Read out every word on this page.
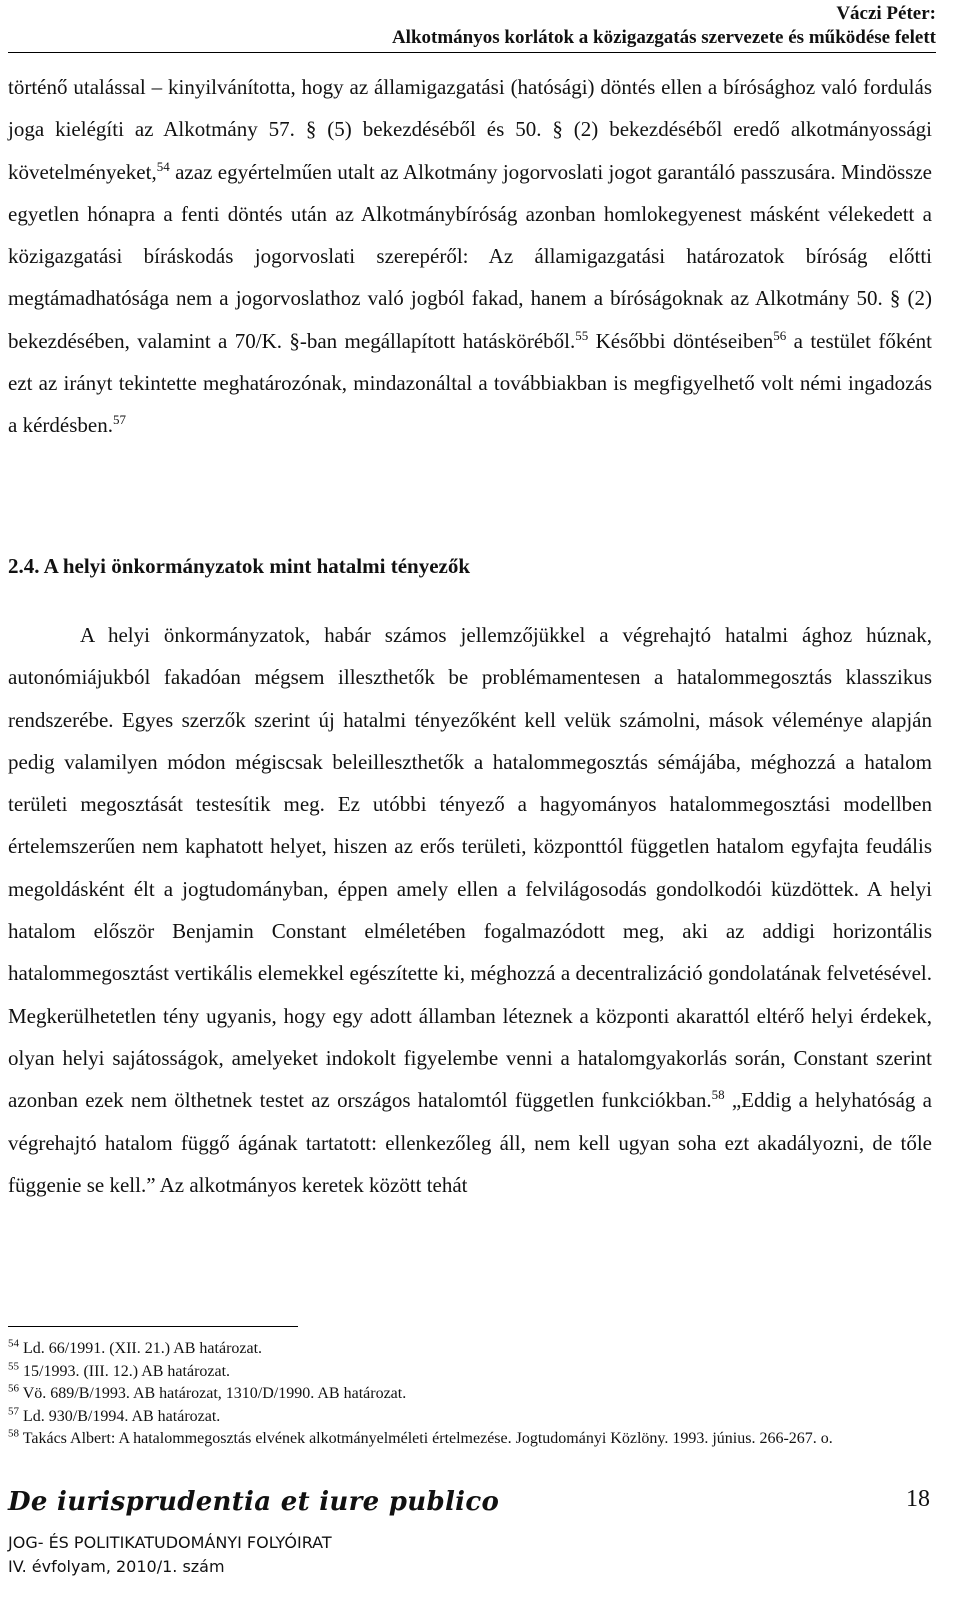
Váczi Péter:
Alkotmányos korlátok a közigazgatás szervezete és működése felett

történő utalással – kinyilvánította, hogy az államigazgatási (hatósági) döntés ellen a bírósághoz való fordulás joga kielégíti az Alkotmány 57. § (5) bekezdéséből és 50. § (2) bekezdéséből eredő alkotmányossági követelményeket,$^{54}$ azaz egyértelműen utalt az Alkotmány jogorvoslati jogot garantáló passzusára. Mindössze egyetlen hónapra a fenti döntés után az Alkotmánybíróság azonban homlokegyenest másként vélekedett a közigazgatási bíráskodás jogorvoslati szerepéről: Az államigazgatási határozatok bíróság előtti megtámadhatósága nem a jogorvoslathoz való jogból fakad, hanem a bíróságoknak az Alkotmány 50. § (2) bekezdésében, valamint a 70/K. §-ban megállapított hatásköréből.$^{55}$ Későbbi döntéseiben$^{56}$ a testület főként ezt az irányt tekintette meghatározónak, mindazonáltal a továbbiakban is megfigyelhető volt némi ingadozás a kérdésben.$^{57}$

2.4. A helyi önkormányzatok mint hatalmi tényezők

A helyi önkormányzatok, habár számos jellemzőjükkel a végrehajtó hatalmi ághoz húznak, autonómiájukból fakadóan mégsem illeszthetők be problémamentesen a hatalommegosztás klasszikus rendszerébe. Egyes szerzők szerint új hatalmi tényezőként kell velük számolni, mások véleménye alapján pedig valamilyen módon mégiscsak beleilleszthetők a hatalommegosztás sémájába, méghozzá a hatalom területi megosztását testesítik meg. Ez utóbbi tényező a hagyományos hatalommegosztási modellben értelemszerűen nem kaphatott helyet, hiszen az erős területi, központtól független hatalom egyfajta feudális megoldásként élt a jogtudományban, éppen amely ellen a felvilágosodás gondolkodói küzdöttek. A helyi hatalom először Benjamin Constant elméletében fogalmazódott meg, aki az addigi horizontális hatalommegosztást vertikális elemekkel egészítette ki, méghozzá a decentralizáció gondolatának felvetésével. Megkerülhetetlen tény ugyanis, hogy egy adott államban léteznek a központi akarattól eltérő helyi érdekek, olyan helyi sajátosságok, amelyeket indokolt figyelembe venni a hatalomgyakorlás során, Constant szerint azonban ezek nem ölthetnek testet az országos hatalomtól független funkciókban.$^{58}$ „Eddig a helyhatóság a végrehajtó hatalom függő ágának tartatott: ellenkezőleg áll, nem kell ugyan soha ezt akadályozni, de tőle függenie se kell.” Az alkotmányos keretek között tehát

$^{54}$ Ld. 66/1991. (XII. 21.) AB határozat.

$^{55}$ 15/1993. (III. 12.) AB határozat.

$^{56}$ Vö. 689/B/1993. AB határozat, 1310/D/1990. AB határozat.

$^{57}$ Ld. 930/B/1994. AB határozat.

$^{58}$ Takács Albert: A hatalommegosztás elvének alkotmányelméleti értelmezése. Jogtudományi Közlöny. 1993. június. 266-267. o.

De iurisprudentia et iure publico
JOG- ÉS POLITIKATUDOMÁNYI FOLYÓIRAT
IV. évfolyam, 2010/1. szám
18
